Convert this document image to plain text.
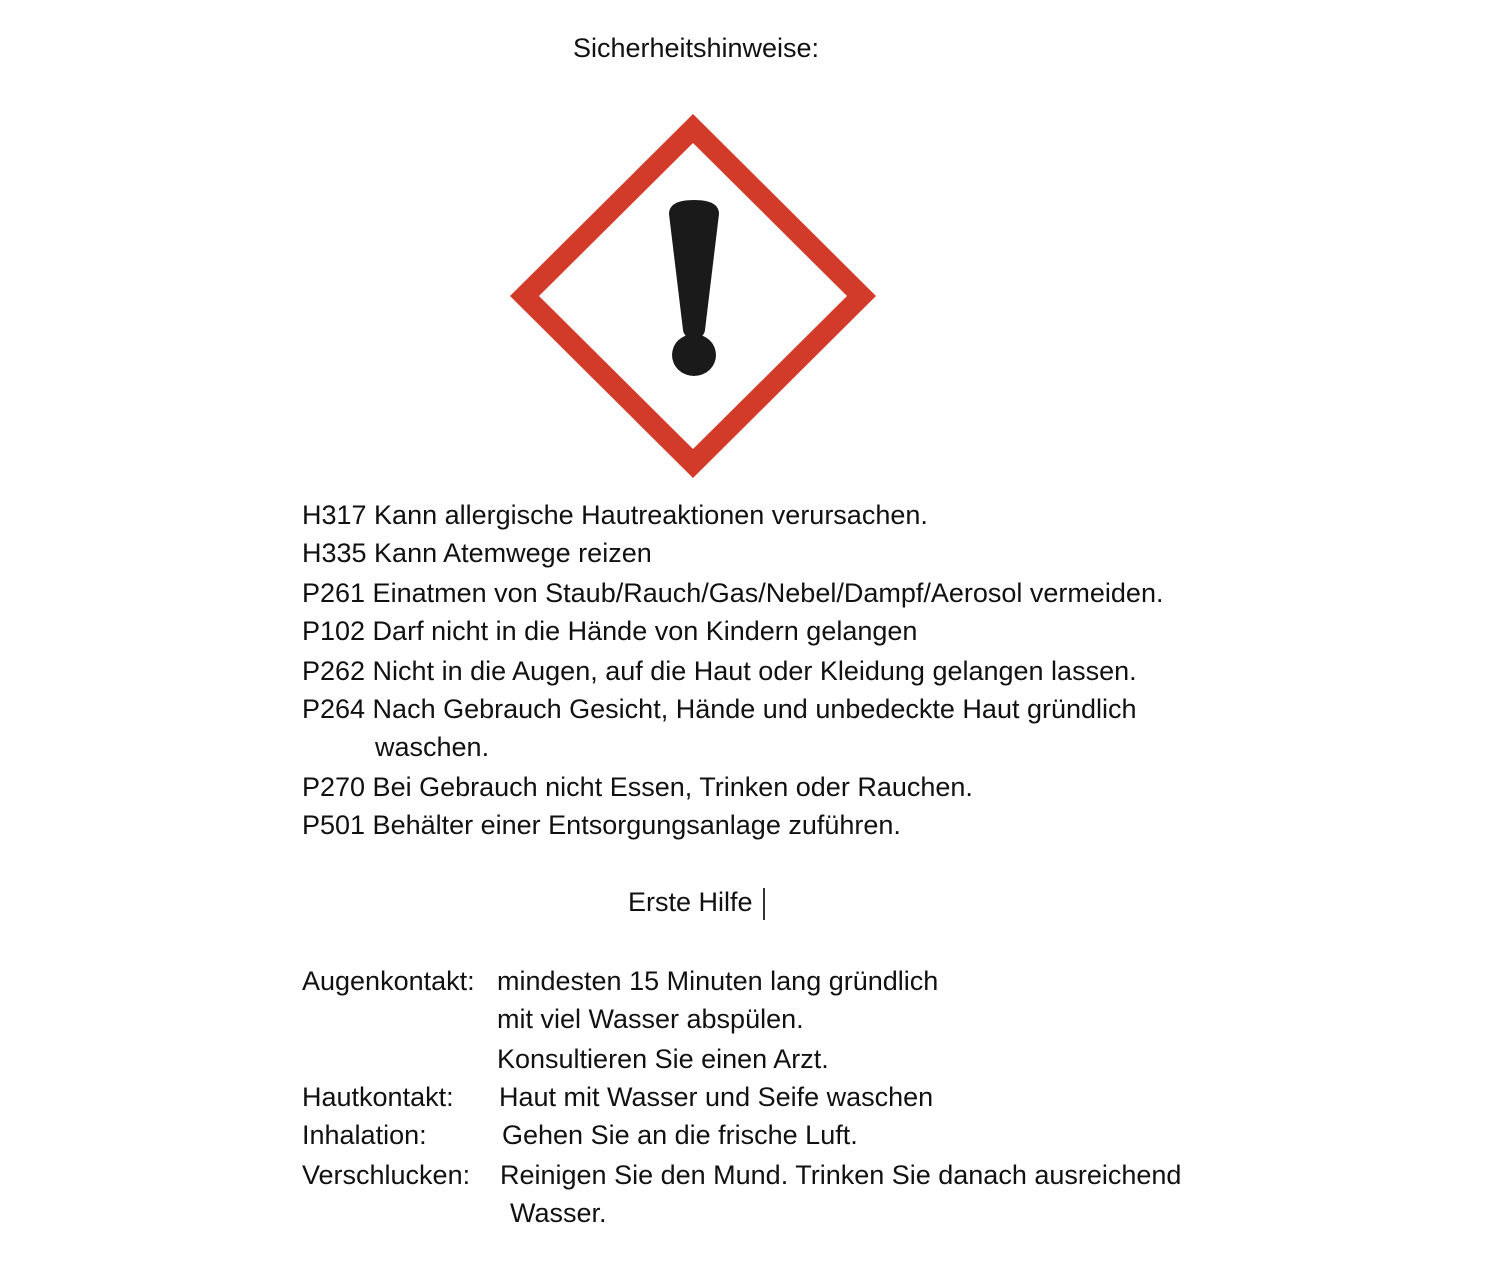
Sicherheitshinweise:
H317 Kann allergische Hautreaktionen verursachen.
H335 Kann Atemwege reizen
P261 Einatmen von Staub/Rauch/Gas/Nebel/Dampf/Aerosol vermeiden.
P102 Darf nicht in die Hände von Kindern gelangen
P262 Nicht in die Augen, auf die Haut oder Kleidung gelangen lassen.
P264 Nach Gebrauch Gesicht, Hände und unbedeckte Haut gründlich
waschen.
P270 Bei Gebrauch nicht Essen, Trinken oder Rauchen.
P501 Behälter einer Entsorgungsanlage zuführen.
Erste Hilfe
Augenkontakt: mindesten 15 Minuten lang gründlich
mit viel Wasser abspülen.
Konsultieren Sie einen Arzt.
Hautkontakt: Haut mit Wasser und Seife waschen
Inhalation:	Gehen Sie an die frische Luft.
Verschlucken: Reinigen Sie den Mund. Trinken Sie danach ausreichend
Wasser.
